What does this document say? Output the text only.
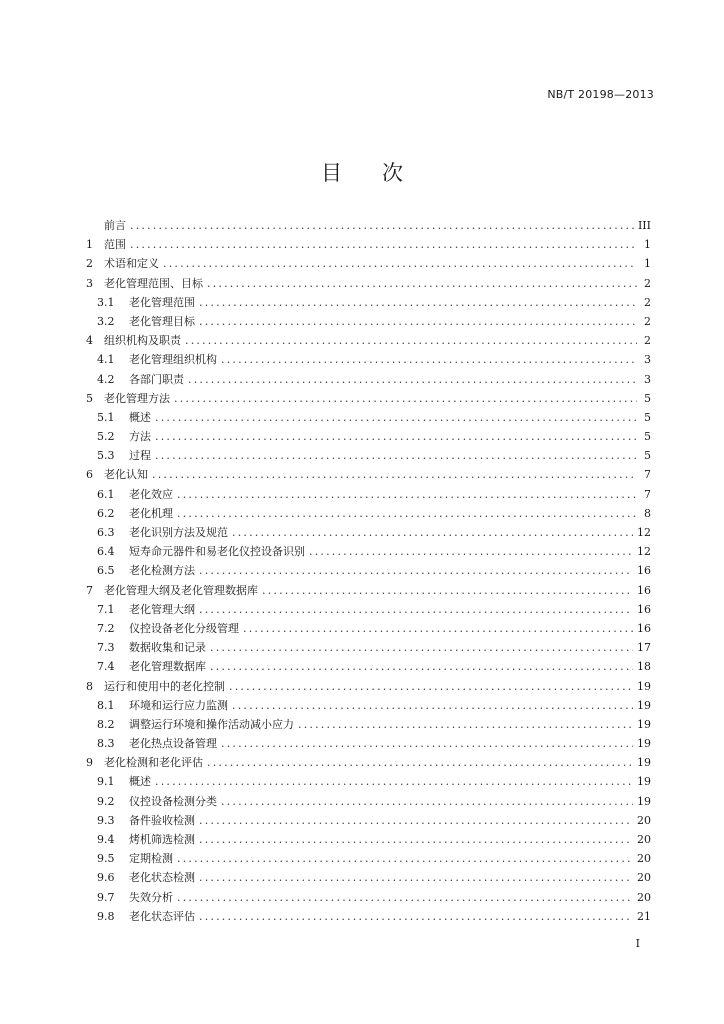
NB/T 20198—2013
目 次
前言 .....	III
1	范围 .....	1
2	术语和定义 .....	1
3	老化管理范围、目标 .....	2
3.1	老化管理范围 .....	2
3.2	老化管理目标 .....	2
4	组织机构及职责 .....	2
4.1	老化管理组织机构 .....	3
4.2	各部门职责 .....	3
5	老化管理方法 .....	5
5.1	概述 .....	5
5.2	方法 .....	5
5.3	过程 .....	5
6	老化认知 .....	7
6.1	老化效应 .....	7
6.2	老化机理 .....	8
6.3	老化识别方法及规范 .....	12
6.4	短寿命元器件和易老化仪控设备识别 .....	12
6.5	老化检测方法 .....	16
7	老化管理大纲及老化管理数据库 .....	16
7.1	老化管理大纲 .....	16
7.2	仪控设备老化分级管理 .....	16
7.3	数据收集和记录 .....	17
7.4	老化管理数据库 .....	18
8	运行和使用中的老化控制 .....	19
8.1	环境和运行应力监测 .....	19
8.2	调整运行环境和操作活动减小应力 .....	19
8.3	老化热点设备管理 .....	19
9	老化检测和老化评估 .....	19
9.1	概述 .....	19
9.2	仪控设备检测分类 .....	19
9.3	备件验收检测 .....	20
9.4	烤机筛选检测 .....	20
9.5	定期检测 .....	20
9.6	老化状态检测 .....	20
9.7	失效分析 .....	20
9.8	老化状态评估 .....	21
I
